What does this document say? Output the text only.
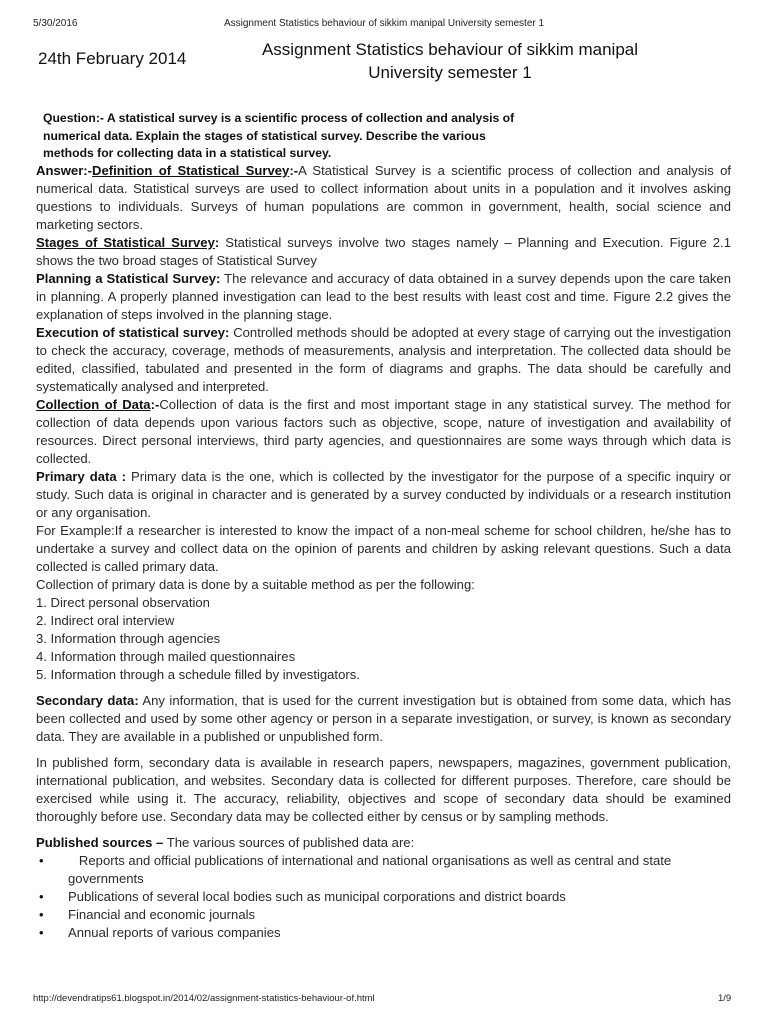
5/30/2016	Assignment Statistics behaviour of sikkim manipal University semester 1
24th February 2014	Assignment Statistics behaviour of sikkim manipal
University semester 1
Question:- A statistical survey is a scientific process of collection and analysis of
numerical data. Explain the stages of statistical survey. Describe the various
methods for collecting data in a statistical survey.

Answer:-Definition of Statistical Survey:-A Statistical Survey is a scientific process of collection and analysis of numerical data. Statistical surveys are used to collect information about units in a population and it involves asking questions to individuals. Surveys of human populations are common in government, health, social science and marketing sectors.

Stages of Statistical Survey: Statistical surveys involve two stages namely – Planning and Execution. Figure 2.1 shows the two broad stages of Statistical Survey

Planning a Statistical Survey: The relevance and accuracy of data obtained in a survey depends upon the care taken in planning. A properly planned investigation can lead to the best results with least cost and time. Figure 2.2 gives the explanation of steps involved in the planning stage.

Execution of statistical survey: Controlled methods should be adopted at every stage of carrying out the investigation to check the accuracy, coverage, methods of measurements, analysis and interpretation. The collected data should be edited, classified, tabulated and presented in the form of diagrams and graphs. The data should be carefully and systematically analysed and interpreted.

Collection of Data:-Collection of data is the first and most important stage in any statistical survey. The method for collection of data depends upon various factors such as objective, scope, nature of investigation and availability of resources. Direct personal interviews, third party agencies, and questionnaires are some ways through which data is collected.

Primary data : Primary data is the one, which is collected by the investigator for the purpose of a specific inquiry or study. Such data is original in character and is generated by a survey conducted by individuals or a research institution or any organisation.

For Example:If a researcher is interested to know the impact of a non-meal scheme for school children, he/she has to undertake a survey and collect data on the opinion of parents and children by asking relevant questions. Such a data collected is called primary data.

Collection of primary data is done by a suitable method as per the following:

1. Direct personal observation
2. Indirect oral interview
3. Information through agencies
4. Information through mailed questionnaires
5. Information through a schedule filled by investigators.

Secondary data: Any information, that is used for the current investigation but is obtained from some data, which has been collected and used by some other agency or person in a separate investigation, or survey, is known as secondary data. They are available in a published or unpublished form.

In published form, secondary data is available in research papers, newspapers, magazines, government publication, international publication, and websites. Secondary data is collected for different purposes. Therefore, care should be exercised while using it. The accuracy, reliability, objectives and scope of secondary data should be examined thoroughly before use. Secondary data may be collected either by census or by sampling methods.

Published sources – The various sources of published data are:

•    Reports and official publications of international and national organisations as well as central and state governments
• Publications of several local bodies such as municipal corporations and district boards
• Financial and economic journals
• Annual reports of various companies
http://devendratips61.blogspot.in/2014/02/assignment-statistics-behaviour-of.html	1/9
